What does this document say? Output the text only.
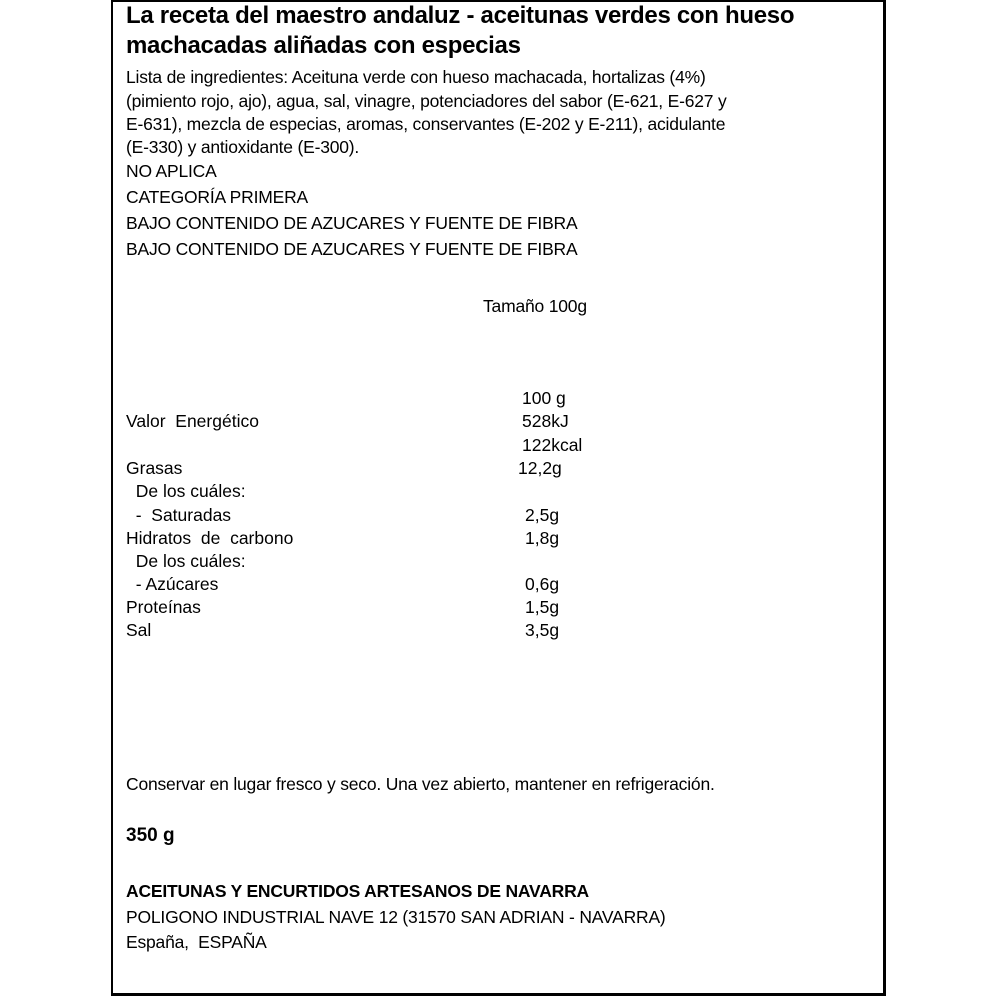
La receta del maestro andaluz - aceitunas verdes con hueso
machacadas aliñadas con especias
Lista de ingredientes: Aceituna verde con hueso machacada, hortalizas (4%)
(pimiento rojo, ajo), agua, sal, vinagre, potenciadores del sabor (E-621, E-627 y
E-631), mezcla de especias, aromas, conservantes (E-202 y E-211), acidulante
(E-330) y antioxidante (E-300).
NO APLICA
CATEGORÍA PRIMERA
BAJO CONTENIDO DE AZUCARES Y FUENTE DE FIBRA
BAJO CONTENIDO DE AZUCARES Y FUENTE DE FIBRA
Tamaño 100g
100 g
Valor  Energético	528kJ
122kcal
Grasas	12,2g
De los cuáles:
-  Saturadas	2,5g
Hidratos  de  carbono	1,8g
De los cuáles:
- Azúcares	0,6g
Proteínas	1,5g
Sal	3,5g
Conservar en lugar fresco y seco. Una vez abierto, mantener en refrigeración.
350 g
ACEITUNAS Y ENCURTIDOS ARTESANOS DE NAVARRA
POLIGONO INDUSTRIAL NAVE 12 (31570 SAN ADRIAN - NAVARRA)
España,  ESPAÑA
